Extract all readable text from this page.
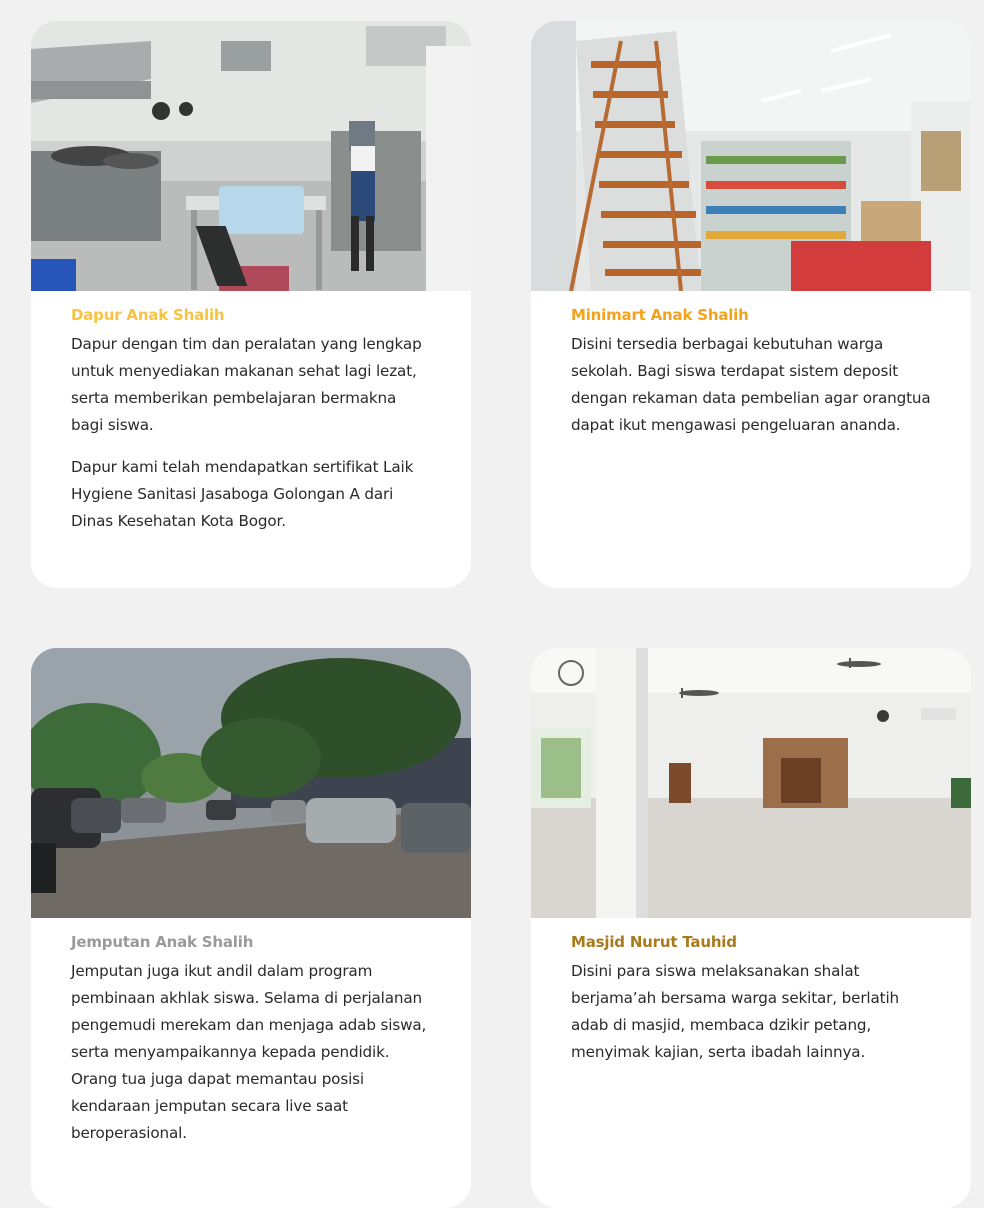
Dapur Anak Shalih

Dapur dengan tim dan peralatan yang lengkap untuk menyediakan makanan sehat lagi lezat, serta memberikan pembelajaran bermakna bagi siswa.

Dapur kami telah mendapatkan sertifikat Laik Hygiene Sanitasi Jasaboga Golongan A dari Dinas Kesehatan Kota Bogor.

Minimart Anak Shalih

Disini tersedia berbagai kebutuhan warga sekolah. Bagi siswa terdapat sistem deposit dengan rekaman data pembelian agar orangtua dapat ikut mengawasi pengeluaran ananda.

Jemputan Anak Shalih

Jemputan juga ikut andil dalam program pembinaan akhlak siswa. Selama di perjalanan pengemudi merekam dan menjaga adab siswa, serta menyampaikannya kepada pendidik. Orang tua juga dapat memantau posisi kendaraan jemputan secara live saat beroperasional.

Masjid Nurut Tauhid

Disini para siswa melaksanakan shalat berjama’ah bersama warga sekitar, berlatih adab di masjid, membaca dzikir petang, menyimak kajian, serta ibadah lainnya.
